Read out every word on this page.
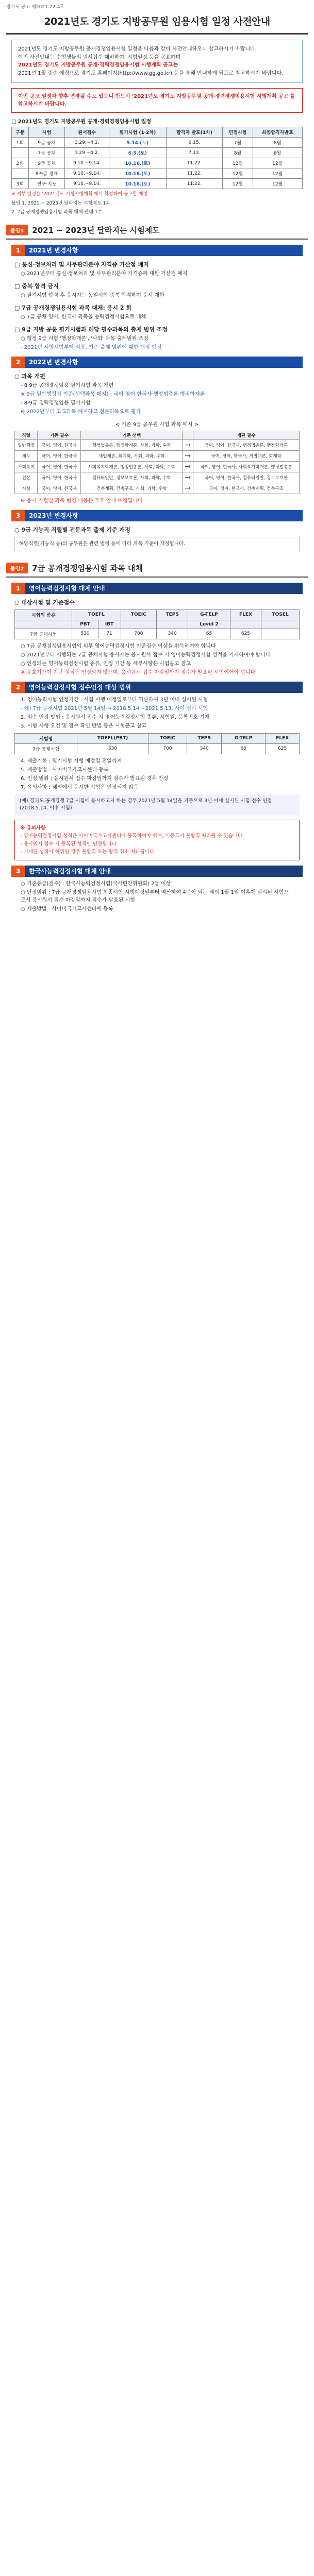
경기도 공고 제2021-22-4호
2021년도 경기도 지방공무원 임용시험 일정 사전안내
2021년도 경기도 지방공무원 공개경쟁임용시험 일정을 다음과 같이 사전안내하오니 참고하시기 바랍니다.
이번 사전안내는 수험생들의 원서접수 대비하여, 시험일정 등을 공표하며
2021년도 경기도 지방공무원 공개·경력경쟁임용시험 시행계획 공고는
2021년 1월 중순 예정으로 경기도 홈페이지(http://www.gg.go.kr) 등을 통해 안내하게 되므로 참고하시기 바랍니다.
이번 공고 일정과 향후 변경될 수도 있으니 반드시 '2021년도 경기도 지방공무원 공개·경력경쟁임용시험 시행계획 공고'를 참고하시기 바랍니다.
□ 2021년도 경기도 지방공무원 공개·경력경쟁임용시험 일정
구분	시험	원서접수	필기시험 (1·2차)	합격자 발표(1차)	면접시험	최종합격자발표
1회	9급 공채	3.29.~4.2.	5.14.(토)	6.15.	7월	8월
	7급 공채	3.29.~4.2.	6.5.(토)	7.13.	8월	8월
2회	9급 공채	9.10.~9.14.	10.16.(토)	11.22.	12월	12월
	8·9급 경채	9.10.~9.14.	10.16.(토)	11.22.	12월	12월
3회	연구·지도	9.10.~9.14.	10.16.(토)	11.22.	12월	12월
※ 세부 일정은 '2021년도 시험시행계획'에서 확정하여 공고할 예정
붙임 1. 2021 ~ 2023년 달라지는 시험제도 1부.
2. 7급 공개경쟁임용시험 과목 대체 안내 1부.
붙임1	2021 ~ 2023년 달라지는 시험제도
1	2021년 변경사항
□ 통신·정보처리 및 사무관리분야 자격증 가산점 폐지
○ 2021년부터 통신·정보처리 및 사무관리분야 자격증에 대한 가산점 폐지
□ 중복 합격 금지
○ 필기시험 합격 후 응시자는 동일시험 중복 합격하여 응시 제한
□ 7급 공개경쟁임용시험 과목 대체: 응시 2 회
○ 7급 공채 영어, 한국사 과목을 능력검정시험으로 대체
□ 9급 지방 공통 필기시험과 해당 필수과목의 출제 범위 조정
○ 행정 9급 시험 '행정학개론', '사회' 과목 출제범위 조정
- 2021년 시행시험부터 적용, 기존 출제 범위에 대한 개정 예정
2	2022년 변경사항
○ 과목 개편
- 8·9급 공개경쟁임용 필기시험 과목 개편
※ 9급 일반행정직 기준(선택과목 폐지) : 국어·영어·한국사·행정법총론·행정학개론
- 8·9급 경력경쟁임용 필기시험
※ 2022년부터 고교과목 폐지하고 전문과목으로 평가
< 기존 9급 공무원 시험 과목 예시 >
직렬	기존 필수	기존 선택		개편 필수
일반행정	국어, 영어, 한국사	행정법총론, 행정학개론, 사회, 과학, 수학	→	국어, 영어, 한국사, 행정법총론, 행정학개론
세무	국어, 영어, 한국사	세법개론, 회계학, 사회, 과학, 수학	→	국어, 영어, 한국사, 세법개론, 회계학
사회복지	국어, 영어, 한국사	사회복지학개론, 행정법총론, 사회, 과학, 수학	→	국어, 영어, 한국사, 사회복지학개론, 행정법총론
전산	국어, 영어, 한국사	컴퓨터일반, 정보보호론, 사회, 과학, 수학	→	국어, 영어, 한국사, 컴퓨터일반, 정보보호론
시설	국어, 영어, 한국사	건축계획, 건축구조, 사회, 과학, 수학	→	국어, 영어, 한국사, 건축계획, 건축구조
※ 응시 직렬별 과목 변경 내용은 추후 안내 예정입니다
3	2023년 변경사항
○ 9급 기능직 직렬별 전문과목 출제 기준 개정
해당직렬(기능직 등)의 공무원은 관련 법령 등에 따라 과목 기준이 개정됩니다.
붙임2	7급 공개경쟁임용시험 과목 대체
1	영어능력검정시험 대체 안내
○ 대상시험 및 기준점수
시험의 종류	TOEFL		TOEIC	TEPS	G-TELP	FLEX	TOSEL
	PBT	IBT			Level 2		
7급 공채시험	530	71	700	340	65	625	
○ 7급 공개경쟁임용시험의 외부 영어능력검정시험 기준점수 이상을 취득하여야 합니다
○ 2021년부터 시행되는 7급 공채시험 응시자는 응시원서 접수 시 영어능력검정시험 성적을 기재하여야 합니다
○ 인정되는 영어능력검정시험 종류, 인정 기간 등 세부사항은 시험공고 참고
※ 유효기간이 지난 성적은 인정되지 않으며, 응시원서 접수 마감일까지 점수가 발표된 시험이어야 합니다
2	영어능력검정시험 점수인정 대상 범위
1. 영어능력시험 인정기간 : 시험 시행 예정일로부터 역산하여 3년 이내 실시된 시험
- 예) 7급 공채시험 2021년 5월 14일 → 2018.5.14.~2021.5.13. 사이 실시 시험
2. 점수 인정 방법 : 응시원서 접수 시 영어능력검정시험 종류, 시험일, 등록번호 기재
3. 시험 시행 요건 및 점수 확인 방법 등은 시험공고 참고
시험명	TOEFL(PBT)	TOEIC	TEPS	G-TELP	FLEX
7급 공채시험	530	700	340	65	625
4. 제출기한 : 필기시험 시행 예정일 전일까지
5. 제출방법 : 사이버국가고시센터 등록
6. 인정 범위 : 응시원서 접수 마감일까지 점수가 발표된 경우 인정
7. 유의사항 : 해외에서 응시한 시험은 인정되지 않음
(예) 경기도 공개경쟁 7급 시험에 응시하고자 하는 경우 2021년 5월 14일을 기준으로 3년 이내 실시된 시험 점수 인정 (2018.5.14. 이후 시험)
※ 유의사항
- 영어능력검정시험 성적은 사이버국가고시센터에 등록하여야 하며, 미등록시 불합격 처리될 수 있습니다
- 응시원서 접수 시 등록된 성적만 인정됩니다
- 기재된 성적이 허위인 경우 불합격 또는 합격 취소 처리됩니다
3	한국사능력검정시험 대체 안내
○ 기준등급(점수) : 한국사능력검정시험(국사편찬위원회) 2급 이상
○ 인정범위 : 7급 공개경쟁임용시험 최종시험 시행예정일부터 역산하여 4년이 되는 해의 1월 1일 이후에 실시된 시험으로서 응시원서 접수 마감일까지 점수가 발표된 시험
○ 제출방법 : 사이버국가고시센터에 등록
